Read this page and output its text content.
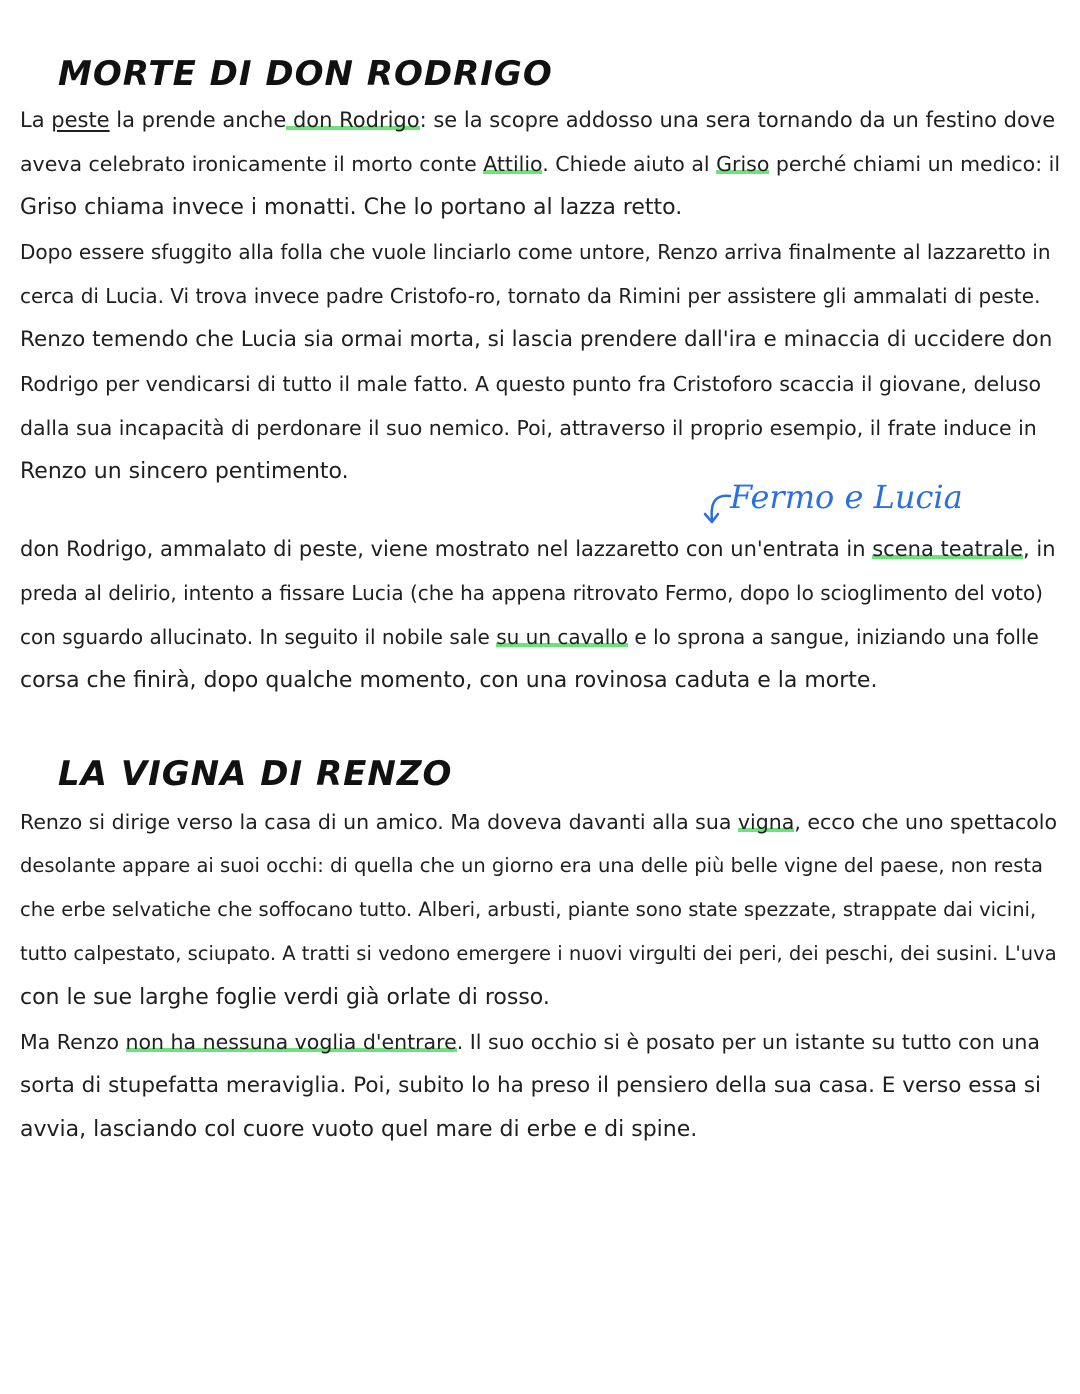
MORTE DI DON RODRIGO

La peste la prende anche don Rodrigo: se la scopre addosso una sera tornando da un festino dove
aveva celebrato ironicamente il morto conte Attilio. Chiede aiuto al Griso perché chiami un medico: il
Griso chiama invece i monatti. Che lo portano al lazza retto.
Dopo essere sfuggito alla folla che vuole linciarlo come untore, Renzo arriva finalmente al lazzaretto in
cerca di Lucia. Vi trova invece padre Cristofo-ro, tornato da Rimini per assistere gli ammalati di peste.
Renzo temendo che Lucia sia ormai morta, si lascia prendere dall'ira e minaccia di uccidere don
Rodrigo per vendicarsi di tutto il male fatto. A questo punto fra Cristoforo scaccia il giovane, deluso
dalla sua incapacità di perdonare il suo nemico. Poi, attraverso il proprio esempio, il frate induce in
Renzo un sincero pentimento.

Fermo e Lucia

don Rodrigo, ammalato di peste, viene mostrato nel lazzaretto con un'entrata in scena teatrale, in
preda al delirio, intento a fissare Lucia (che ha appena ritrovato Fermo, dopo lo scioglimento del voto)
con sguardo allucinato. In seguito il nobile sale su un cavallo e lo sprona a sangue, iniziando una folle
corsa che finirà, dopo qualche momento, con una rovinosa caduta e la morte.

LA VIGNA DI RENZO

Renzo si dirige verso la casa di un amico. Ma doveva davanti alla sua vigna, ecco che uno spettacolo
desolante appare ai suoi occhi: di quella che un giorno era una delle più belle vigne del paese, non resta
che erbe selvatiche che soffocano tutto. Alberi, arbusti, piante sono state spezzate, strappate dai vicini,
tutto calpestato, sciupato. A tratti si vedono emergere i nuovi virgulti dei peri, dei peschi, dei susini. L'uva
con le sue larghe foglie verdi già orlate di rosso.
Ma Renzo non ha nessuna voglia d'entrare. Il suo occhio si è posato per un istante su tutto con una
sorta di stupefatta meraviglia. Poi, subito lo ha preso il pensiero della sua casa. E verso essa si
avvia, lasciando col cuore vuoto quel mare di erbe e di spine.
